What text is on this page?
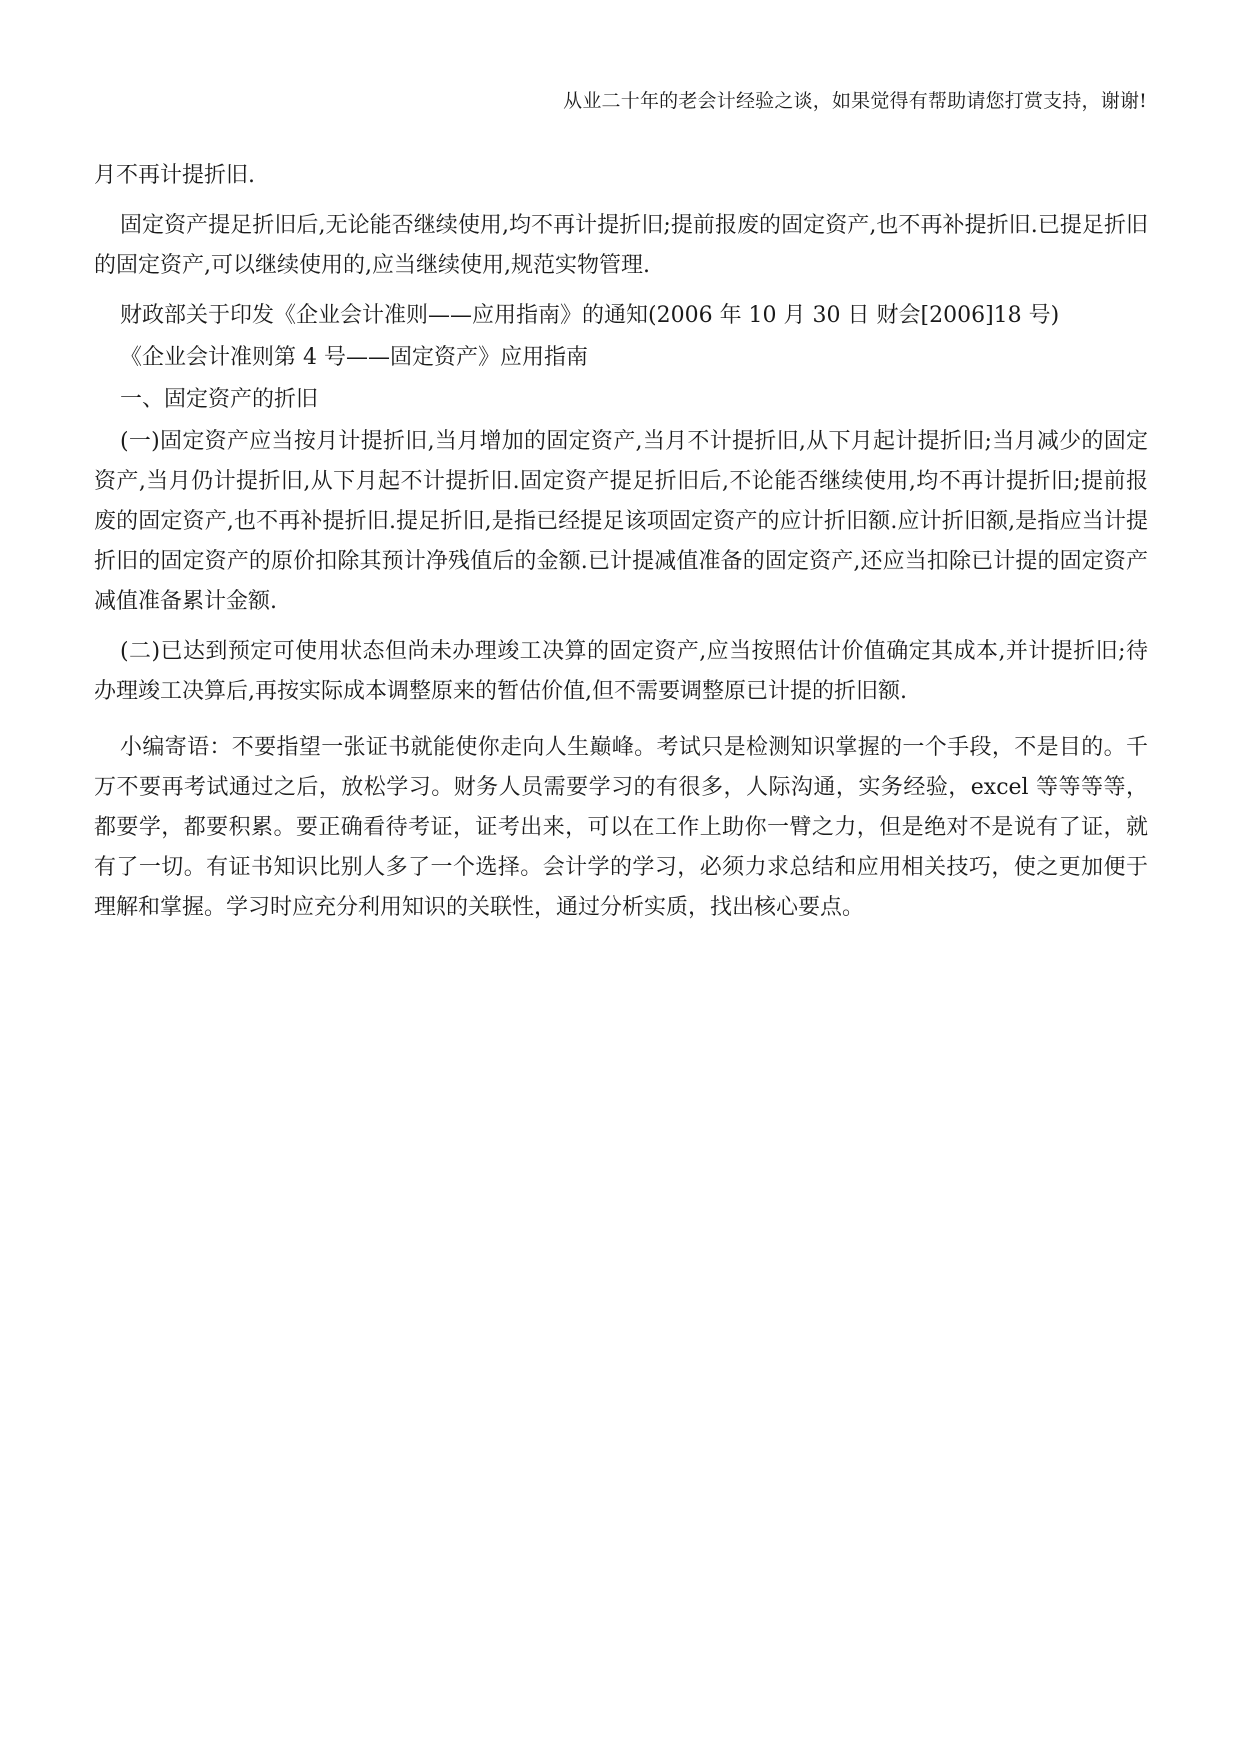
从业二十年的老会计经验之谈，如果觉得有帮助请您打赏支持，谢谢!

月不再计提折旧.

固定资产提足折旧后,无论能否继续使用,均不再计提折旧;提前报废的固定资产,也不再补提折旧.已提足折旧的固定资产,可以继续使用的,应当继续使用,规范实物管理.

财政部关于印发《企业会计准则——应用指南》的通知(2006 年 10 月 30 日 财会[2006]18 号)

《企业会计准则第 4 号——固定资产》应用指南

一、固定资产的折旧

(一)固定资产应当按月计提折旧,当月增加的固定资产,当月不计提折旧,从下月起计提折旧;当月减少的固定资产,当月仍计提折旧,从下月起不计提折旧.固定资产提足折旧后,不论能否继续使用,均不再计提折旧;提前报废的固定资产,也不再补提折旧.提足折旧,是指已经提足该项固定资产的应计折旧额.应计折旧额,是指应当计提折旧的固定资产的原价扣除其预计净残值后的金额.已计提减值准备的固定资产,还应当扣除已计提的固定资产减值准备累计金额.

(二)已达到预定可使用状态但尚未办理竣工决算的固定资产,应当按照估计价值确定其成本,并计提折旧;待办理竣工决算后,再按实际成本调整原来的暂估价值,但不需要调整原已计提的折旧额.

小编寄语：不要指望一张证书就能使你走向人生巅峰。考试只是检测知识掌握的一个手段，不是目的。千万不要再考试通过之后，放松学习。财务人员需要学习的有很多，人际沟通，实务经验，excel 等等等等，都要学，都要积累。要正确看待考证，证考出来，可以在工作上助你一臂之力，但是绝对不是说有了证，就有了一切。有证书知识比别人多了一个选择。会计学的学习，必须力求总结和应用相关技巧，使之更加便于理解和掌握。学习时应充分利用知识的关联性，通过分析实质，找出核心要点。
